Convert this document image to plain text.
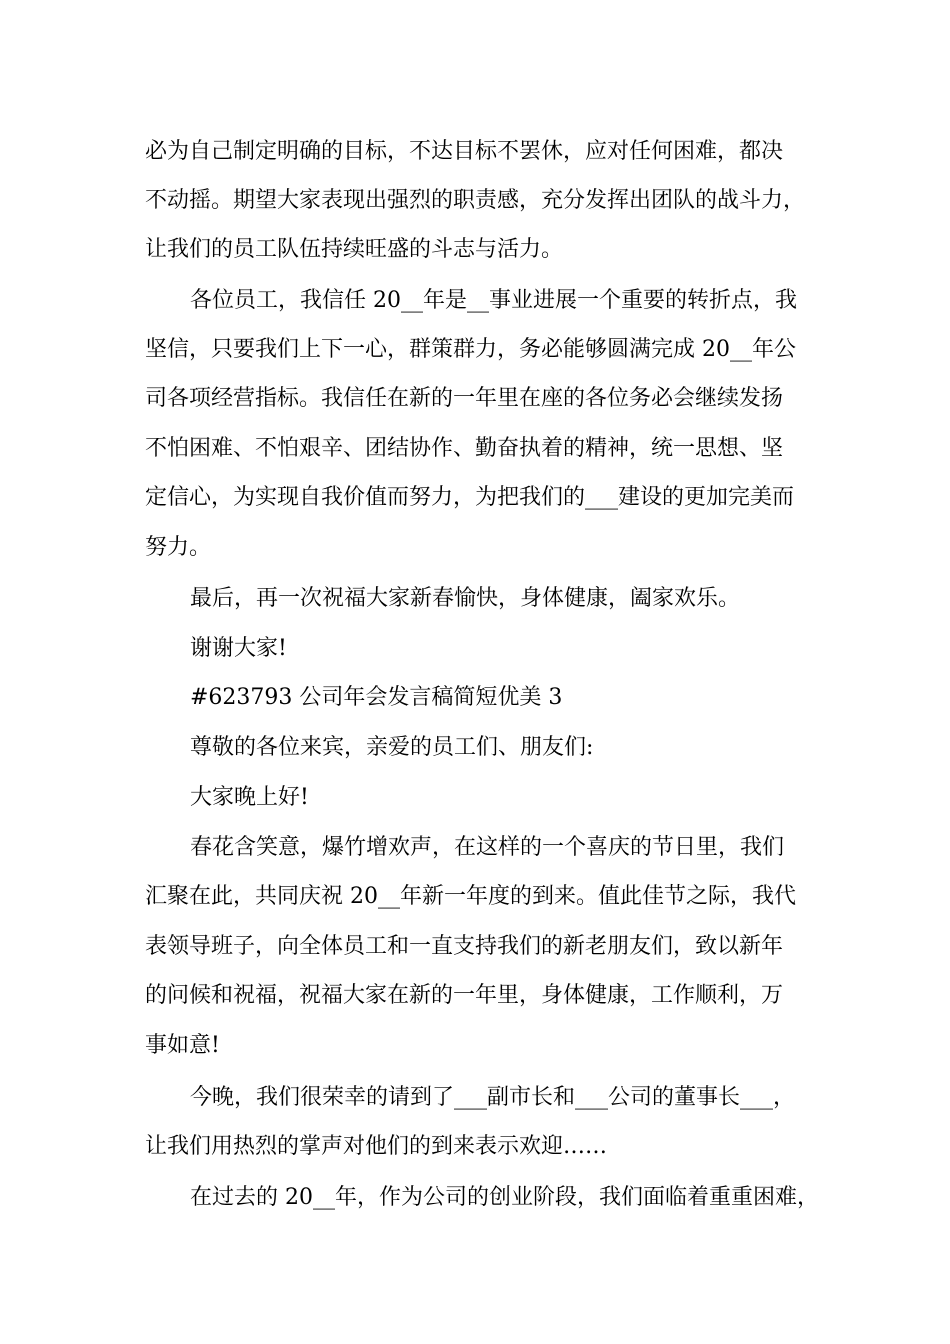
必为自己制定明确的目标，不达目标不罢休，应对任何困难，都决
不动摇。期望大家表现出强烈的职责感，充分发挥出团队的战斗力，
让我们的员工队伍持续旺盛的斗志与活力。
各位员工，我信任 20__年是__事业进展一个重要的转折点，我
坚信，只要我们上下一心，群策群力，务必能够圆满完成 20__年公
司各项经营指标。我信任在新的一年里在座的各位务必会继续发扬
不怕困难、不怕艰辛、团结协作、勤奋执着的精神，统一思想、坚
定信心，为实现自我价值而努力，为把我们的___建设的更加完美而
努力。
最后，再一次祝福大家新春愉快，身体健康，阖家欢乐。
谢谢大家!
#623793 公司年会发言稿简短优美 3
尊敬的各位来宾，亲爱的员工们、朋友们:
大家晚上好!
春花含笑意，爆竹增欢声，在这样的一个喜庆的节日里，我们
汇聚在此，共同庆祝 20__年新一年度的到来。值此佳节之际，我代
表领导班子，向全体员工和一直支持我们的新老朋友们，致以新年
的问候和祝福，祝福大家在新的一年里，身体健康，工作顺利，万
事如意!
今晚，我们很荣幸的请到了___副市长和___公司的董事长___，
让我们用热烈的掌声对他们的到来表示欢迎……
在过去的 20__年，作为公司的创业阶段，我们面临着重重困难，
